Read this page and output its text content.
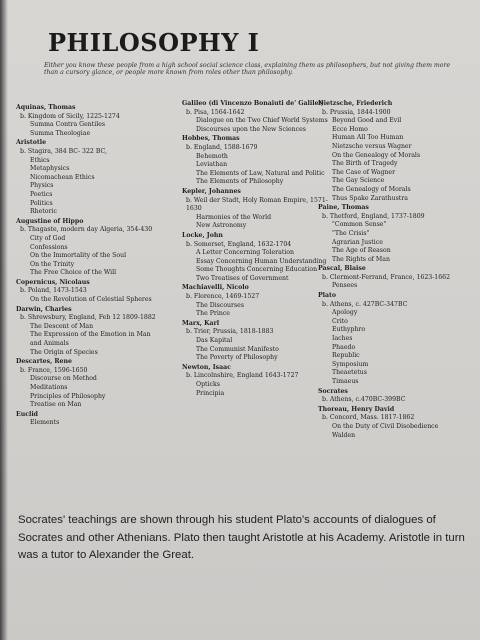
PHILOSOPHY I
Either you know these people from a high school social science class, explaining them as philosophers, but not giving them more than a cursory glance, or people more known from roles other than philosophy.
Aquinas, Thomas
b. Kingdom of Sicily, 1225-1274
Summa Contra Gentiles
Summa Theologiae
Aristotle
b. Stagira, 384 BC- 322 BC,
Ethics
Metaphysics
Nicomachean Ethics
Physics
Poetics
Politics
Rhetoric
Augustine of Hippo
b. Thagaste, modern day Algeria, 354-430
City of God
Confessions
On the Immortality of the Soul
On the Trinity
The Free Choice of the Will
Copernicus, Nicolaus
b. Poland, 1473-1543
On the Revolution of Celestial Spheres
Darwin, Charles
b. Shrewsbury, England, Feb 12 1809-1882
The Descent of Man
The Expression of the Emotion in Man and Animals
The Origin of Species
Descartes, Rene
b. France, 1596-1650
Discourse on Method
Meditations
Principles of Philosophy
Treatise on Man
Euclid
Elements
Galileo (di Vincenzo Bonaiuti de' Galilei)
b. Pisa, 1564-1642
Dialogue on the Two Chief World Systems
Discourses upon the New Sciences
Hobbes, Thomas
b. England, 1588-1679
Behemoth
Leviathan
The Elements of Law, Natural and Politic
The Elements of Philosophy
Kepler, Johannes
b. Weil der Stadt, Holy Roman Empire, 1571-1630
Harmonies of the World
New Astronomy
Locke, John
b. Somerset, England, 1632-1704
A Letter Concerning Toleration
Essay Concerning Human Understanding
Some Thoughts Concerning Education
Two Treatises of Government
Machiavelli, Nicolo
b. Florence, 1469-1527
The Discourses
The Prince
Marx, Karl
b. Trier, Prussia, 1818-1883
Das Kapital
The Communist Manifesto
The Poverty of Philosophy
Newton, Isaac
b. Lincolnshire, England 1643-1727
Opticks
Principia
Nietzsche, Friederich
b. Prussia, 1844-1900
Beyond Good and Evil
Ecce Homo
Human All Too Human
Nietzsche versus Wagner
On the Genealogy of Morals
The Birth of Tragedy
The Case of Wagner
The Gay Science
The Genealogy of Morals
Thus Spake Zarathustra
Paine, Thomas
b. Thetford, England, 1737-1809
"Common Sense"
"The Crisis"
Agrarian Justice
The Age of Reason
The Rights of Man
Pascal, Blaise
b. Clermont-Ferrand, France, 1623-1662
Pensees
Plato
b. Athens, c. 427BC-347BC
Apology
Crito
Euthyphro
Iaches
Phaedo
Republic
Symposium
Theaetetus
Timaeus
Socrates
b. Athens, c.470BC-399BC
Thoreau, Henry David
b. Concord, Mass. 1817-1862
On the Duty of Civil Disobedience
Walden
Socrates' teachings are shown through his student Plato's accounts of dialogues of Socrates and other Athenians. Plato then taught Aristotle at his Academy. Aristotle in turn was a tutor to Alexander the Great.
